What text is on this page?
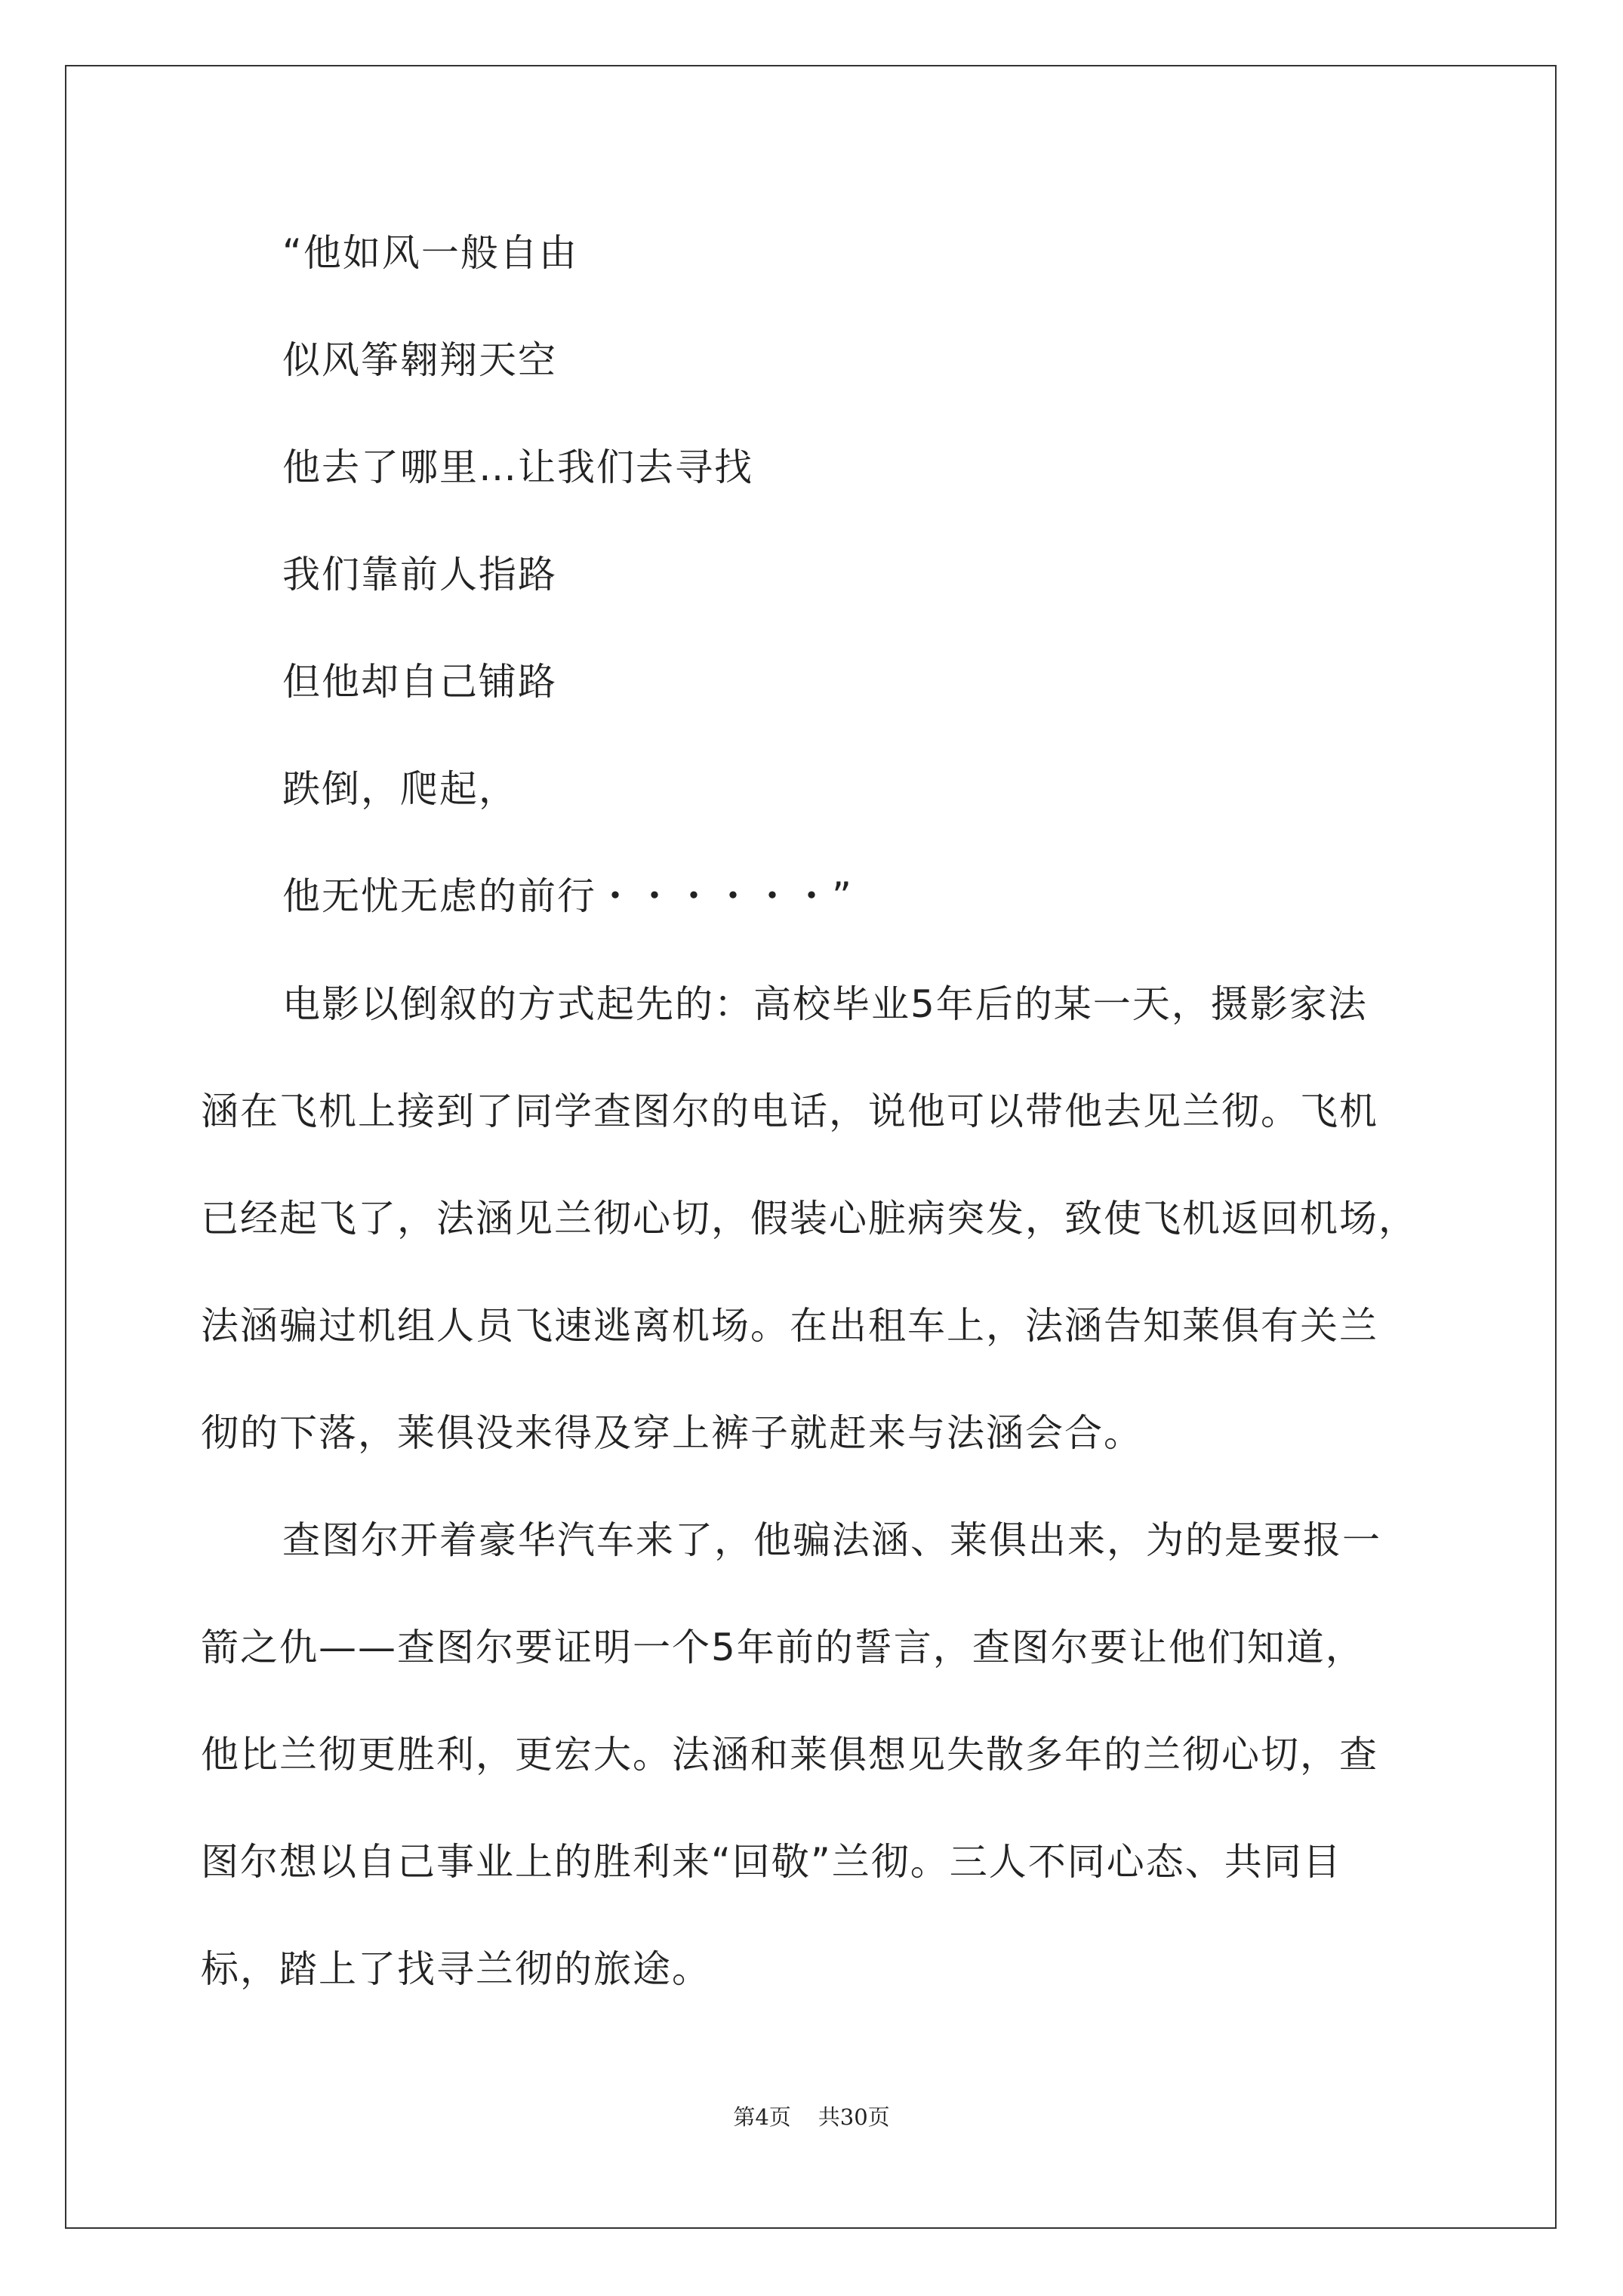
“他如风一般自由
似风筝翱翔天空
他去了哪里…让我们去寻找
我们靠前人指路
但他却自己铺路
跌倒，爬起，
他无忧无虑的前行・・・・・・”
电影以倒叙的方式起先的：高校毕业5年后的某一天，摄影家法
涵在飞机上接到了同学查图尔的电话，说他可以带他去见兰彻。飞机
已经起飞了，法涵见兰彻心切，假装心脏病突发，致使飞机返回机场，
法涵骗过机组人员飞速逃离机场。在出租车上，法涵告知莱俱有关兰
彻的下落，莱俱没来得及穿上裤子就赶来与法涵会合。
查图尔开着豪华汽车来了，他骗法涵、莱俱出来，为的是要报一
箭之仇——查图尔要证明一个5年前的誓言，查图尔要让他们知道，
他比兰彻更胜利，更宏大。法涵和莱俱想见失散多年的兰彻心切，查
图尔想以自己事业上的胜利来“回敬”兰彻。三人不同心态、共同目
标，踏上了找寻兰彻的旅途。
第4页 共30页
